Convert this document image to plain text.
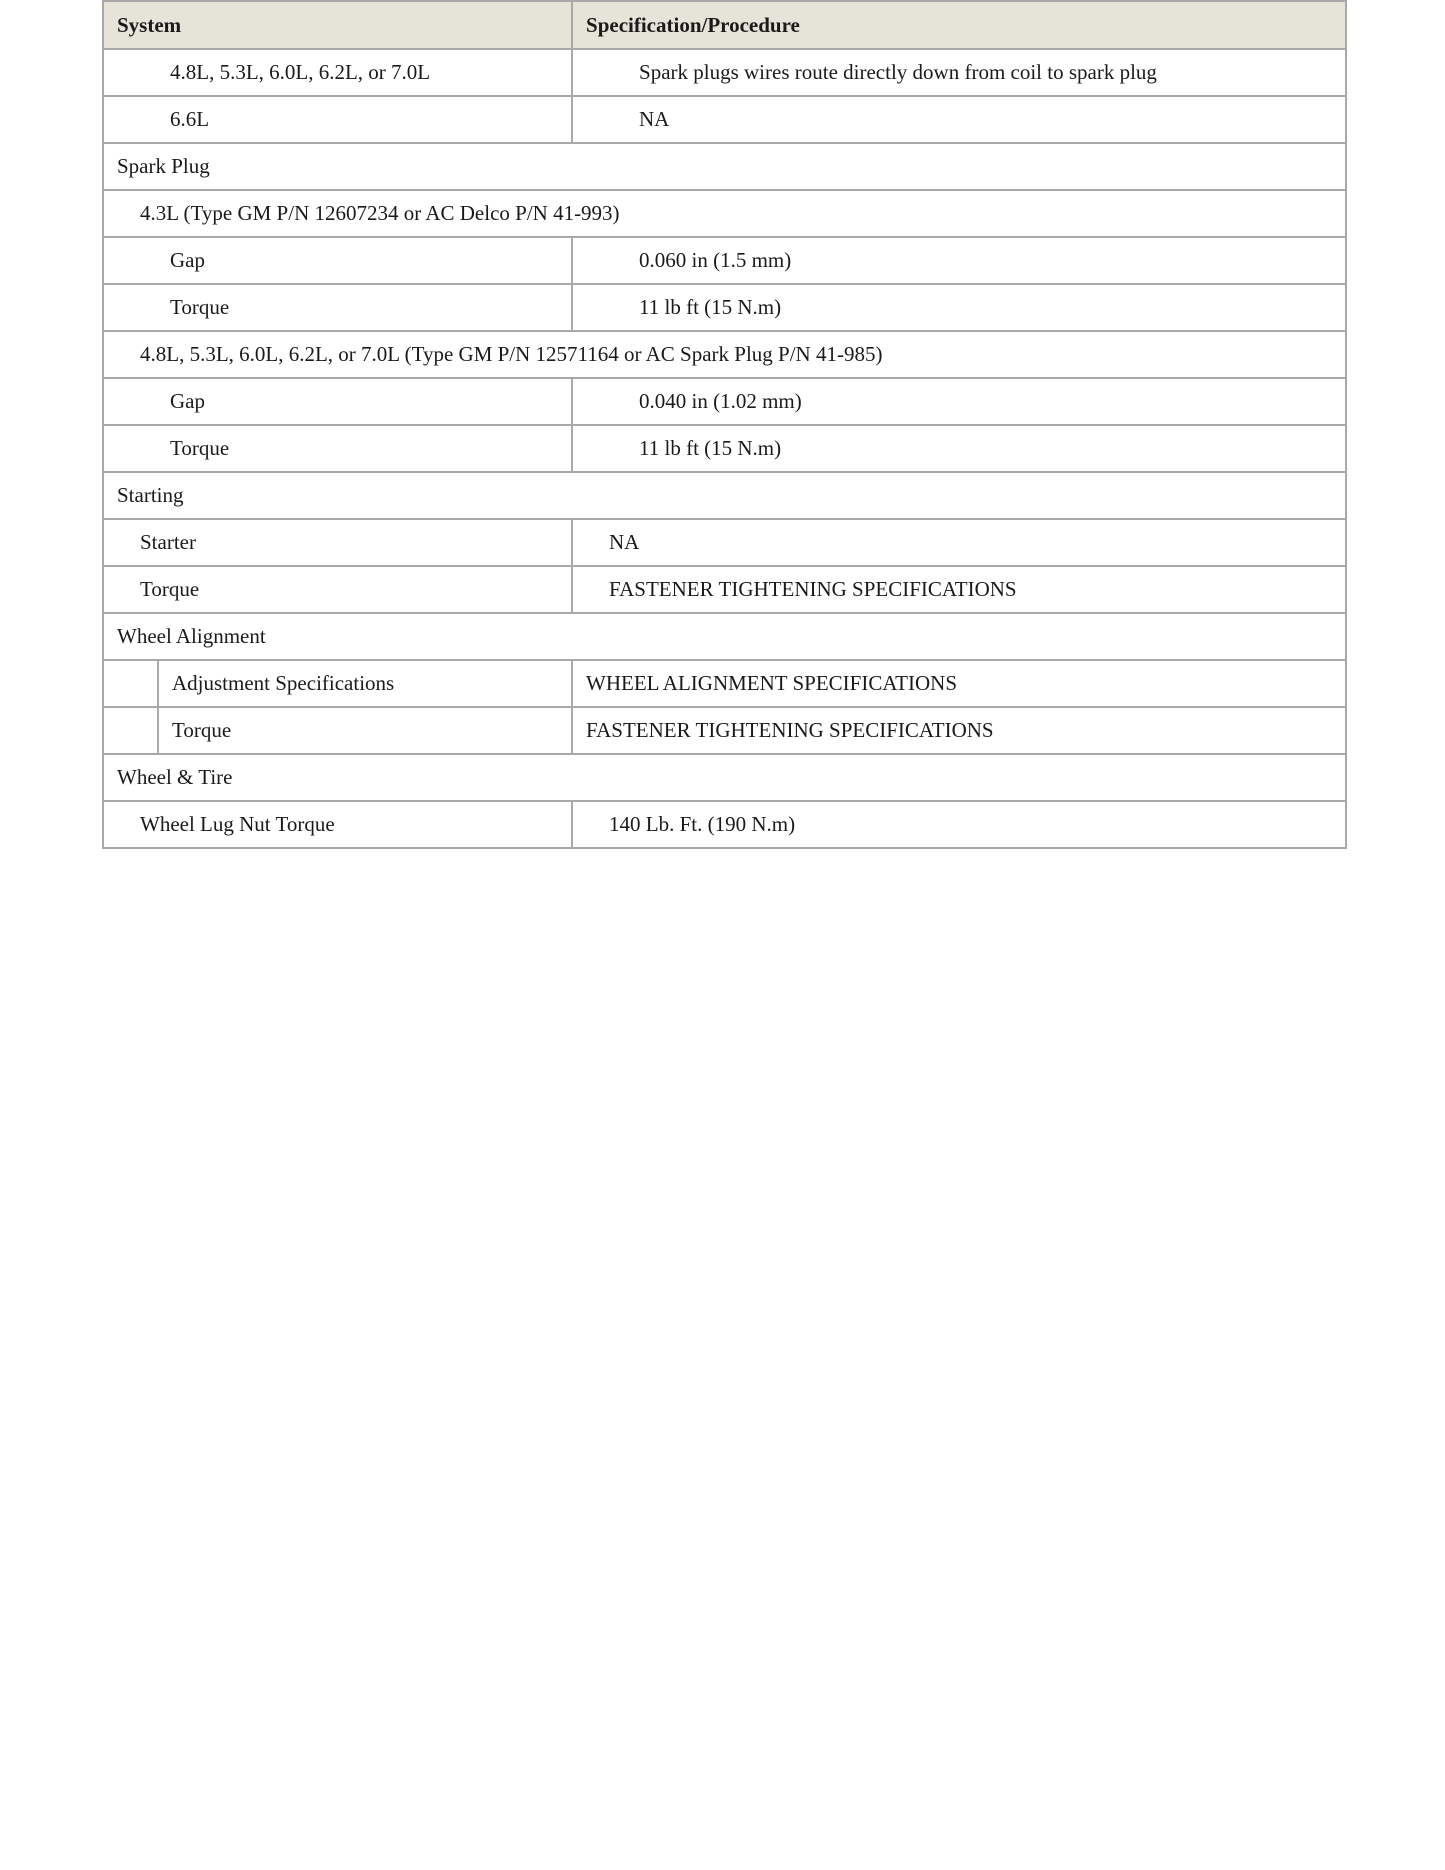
System		Specification/Procedure
4.8L, 5.3L, 6.0L, 6.2L, or 7.0L		Spark plugs wires route directly down from coil to spark plug
6.6L		NA
Spark Plug		
4.3L (Type GM P/N 12607234 or AC Delco P/N 41-993)		
Gap		0.060 in (1.5 mm)
Torque		11 lb ft (15 N.m)
4.8L, 5.3L, 6.0L, 6.2L, or 7.0L (Type GM P/N 12571164 or AC Spark Plug P/N 41-985)		
Gap		0.040 in (1.02 mm)
Torque		11 lb ft (15 N.m)
Starting		
Starter		NA
Torque		FASTENER TIGHTENING SPECIFICATIONS
Wheel Alignment		
	Adjustment Specifications	WHEEL ALIGNMENT SPECIFICATIONS
	Torque	FASTENER TIGHTENING SPECIFICATIONS
Wheel & Tire		
Wheel Lug Nut Torque		140 Lb. Ft. (190 N.m)
